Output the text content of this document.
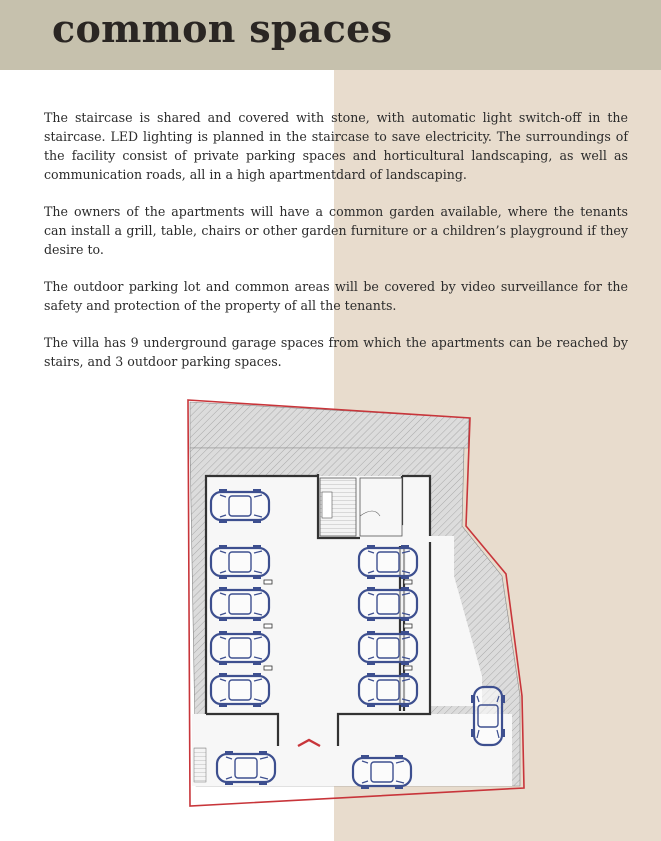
common spaces

The staircase is shared and covered with stone, with automatic light switch-off in the staircase. LED lighting is planned in the staircase to save electricity. The surroundings of the facility consist of private parking spaces and horticultural landscaping, as well as communication roads, all in a high apartmentdard of landscaping.

The owners of the apartments will have a common garden available, where the tenants can install a grill, table, chairs or other garden furniture or a children’s playground if they desire to.

The outdoor parking lot and common areas will be covered by video surveillance for the safety and protection of the property of all the tenants.

The villa has 9 underground garage spaces from which the apartments can be reached by stairs, and 3 outdoor parking spaces.
